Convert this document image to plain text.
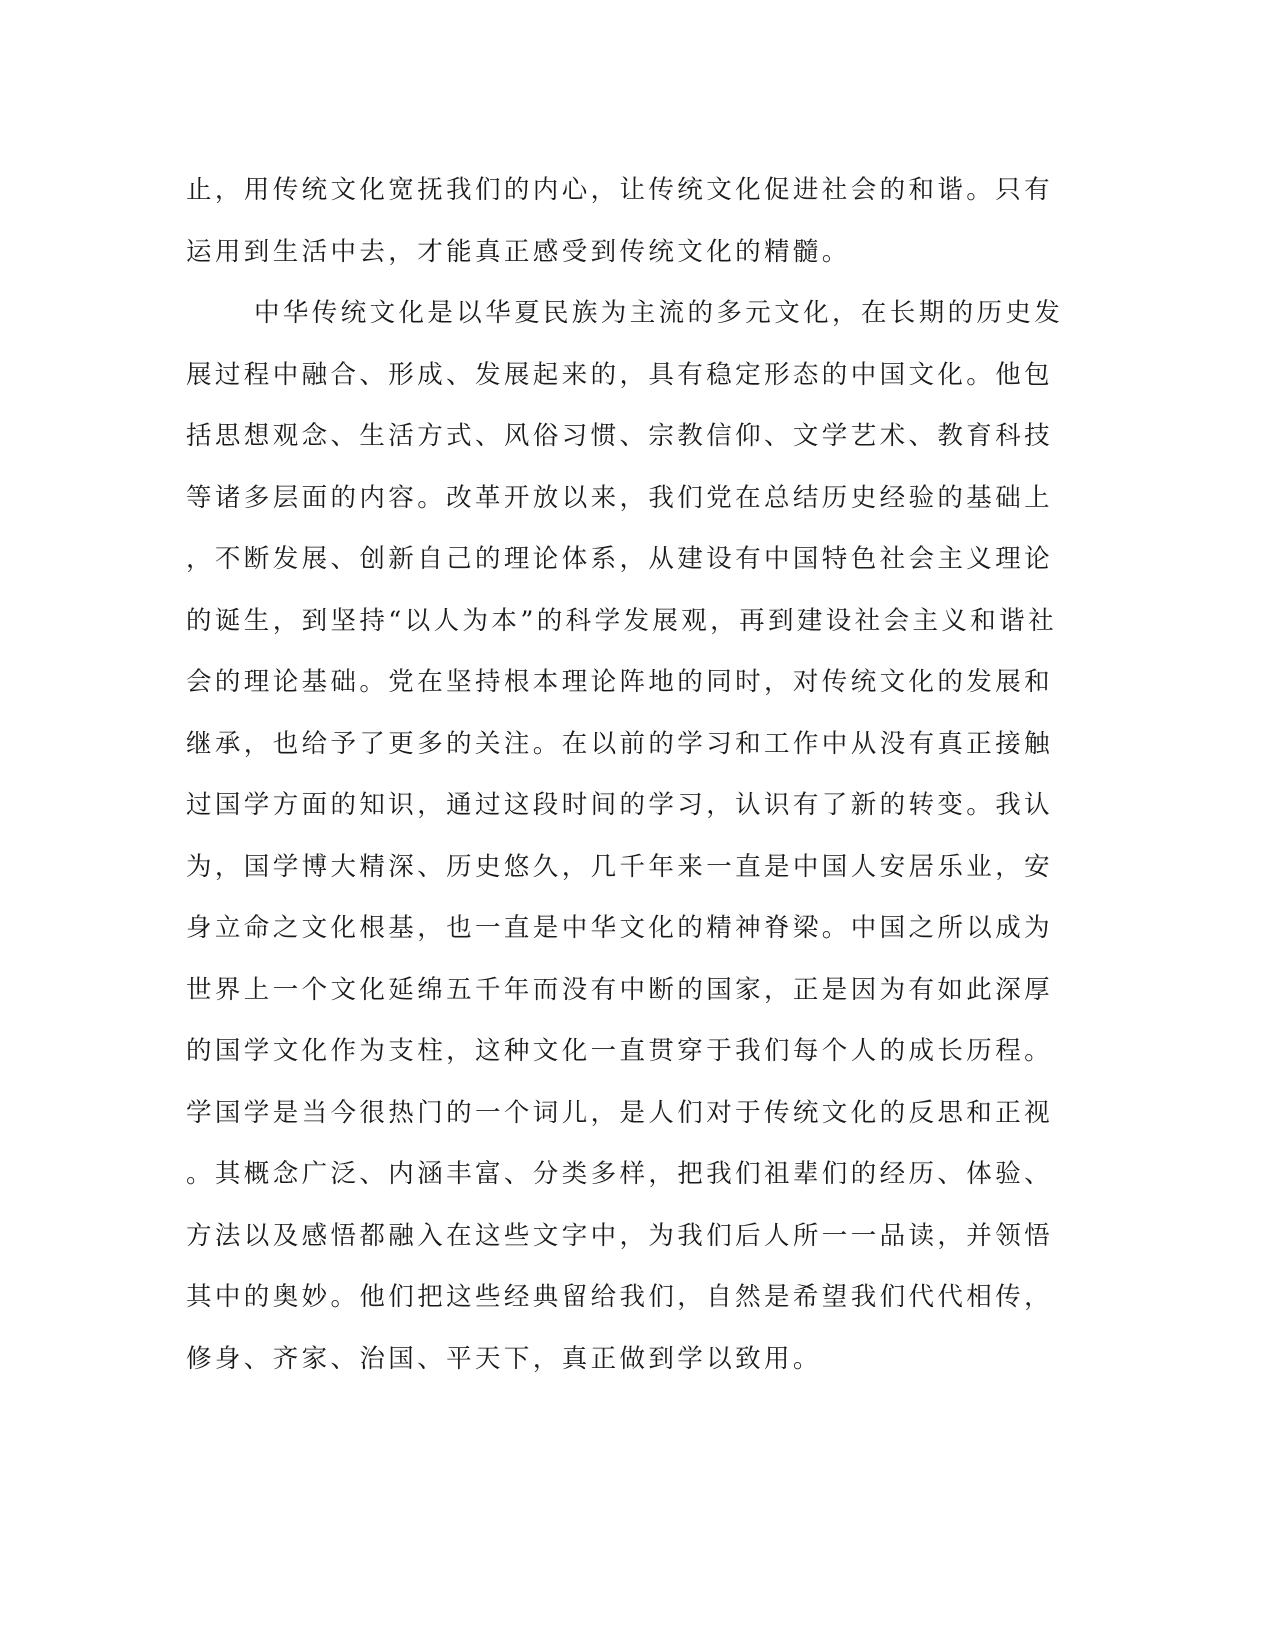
止，用传统文化宽抚我们的内心，让传统文化促进社会的和谐。只有
运用到生活中去，才能真正感受到传统文化的精髓。
中华传统文化是以华夏民族为主流的多元文化，在长期的历史发
展过程中融合、形成、发展起来的，具有稳定形态的中国文化。他包
括思想观念、生活方式、风俗习惯、宗教信仰、文学艺术、教育科技
等诸多层面的内容。改革开放以来，我们党在总结历史经验的基础上
，不断发展、创新自己的理论体系，从建设有中国特色社会主义理论
的诞生，到坚持“以人为本”的科学发展观，再到建设社会主义和谐社
会的理论基础。党在坚持根本理论阵地的同时，对传统文化的发展和
继承，也给予了更多的关注。在以前的学习和工作中从没有真正接触
过国学方面的知识，通过这段时间的学习，认识有了新的转变。我认
为，国学博大精深、历史悠久，几千年来一直是中国人安居乐业，安
身立命之文化根基，也一直是中华文化的精神脊梁。中国之所以成为
世界上一个文化延绵五千年而没有中断的国家，正是因为有如此深厚
的国学文化作为支柱，这种文化一直贯穿于我们每个人的成长历程。
学国学是当今很热门的一个词儿，是人们对于传统文化的反思和正视
。其概念广泛、内涵丰富、分类多样，把我们祖辈们的经历、体验、
方法以及感悟都融入在这些文字中，为我们后人所一一品读，并领悟
其中的奥妙。他们把这些经典留给我们，自然是希望我们代代相传，
修身、齐家、治国、平天下，真正做到学以致用。
